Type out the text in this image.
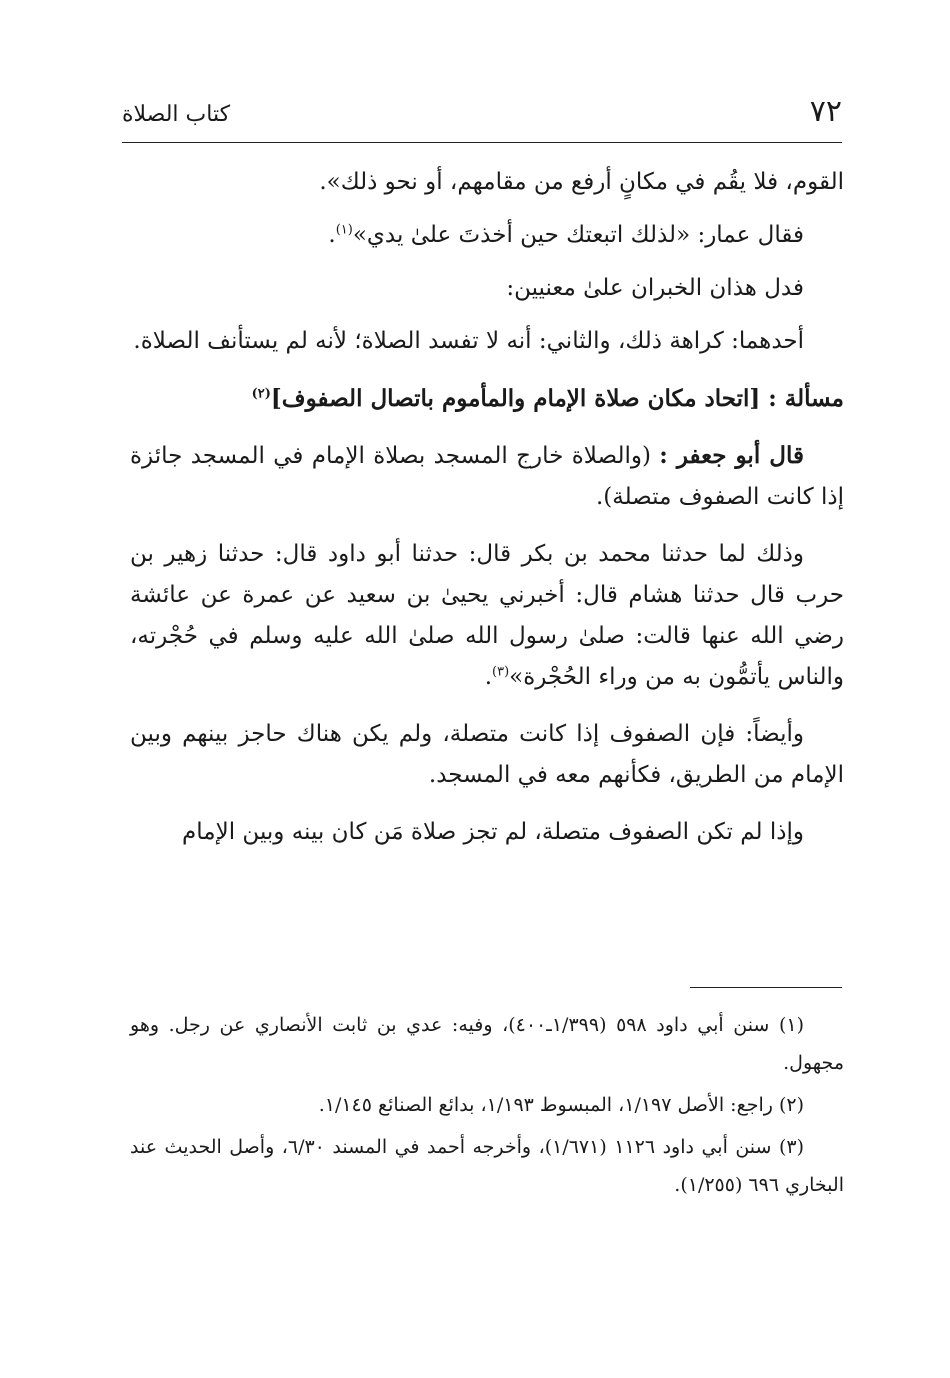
٧٢
كتاب الصلاة

القوم، فلا يقُم في مكانٍ أرفع من مقامهم، أو نحو ذلك».

فقال عمار: «لذلك اتبعتك حين أخذتَ علىٰ يدي»$^{(١)}$.

فدل هذان الخبران علىٰ معنيين:

أحدهما: كراهة ذلك، والثاني: أنه لا تفسد الصلاة؛ لأنه لم يستأنف الصلاة.

مسألة : [اتحاد مكان صلاة الإمام والمأموم باتصال الصفوف]$^{(٢)}$

قال أبو جعفر : (والصلاة خارج المسجد بصلاة الإمام في المسجد جائزة إذا كانت الصفوف متصلة).

وذلك لما حدثنا محمد بن بكر قال: حدثنا أبو داود قال: حدثنا زهير بن حرب قال حدثنا هشام قال: أخبرني يحيىٰ بن سعيد عن عمرة عن عائشة رضي الله عنها قالت: صلىٰ رسول الله صلىٰ الله عليه وسلم في حُجْرته، والناس يأتمُّون به من وراء الحُجْرة»$^{(٣)}$.

وأيضاً: فإن الصفوف إذا كانت متصلة، ولم يكن هناك حاجز بينهم وبين الإمام من الطريق، فكأنهم معه في المسجد.

وإذا لم تكن الصفوف متصلة، لم تجز صلاة مَن كان بينه وبين الإمام

(١) سنن أبي داود ٥٩٨ (١/٣٩٩ـ٤٠٠)، وفيه: عدي بن ثابت الأنصاري عن رجل. وهو مجهول.

(٢) راجع: الأصل ١/١٩٧، المبسوط ١/١٩٣، بدائع الصنائع ١/١٤٥.

(٣) سنن أبي داود ١١٢٦ (١/٦٧١)، وأخرجه أحمد في المسند ٦/٣٠، وأصل الحديث عند البخاري ٦٩٦ (١/٢٥٥).
